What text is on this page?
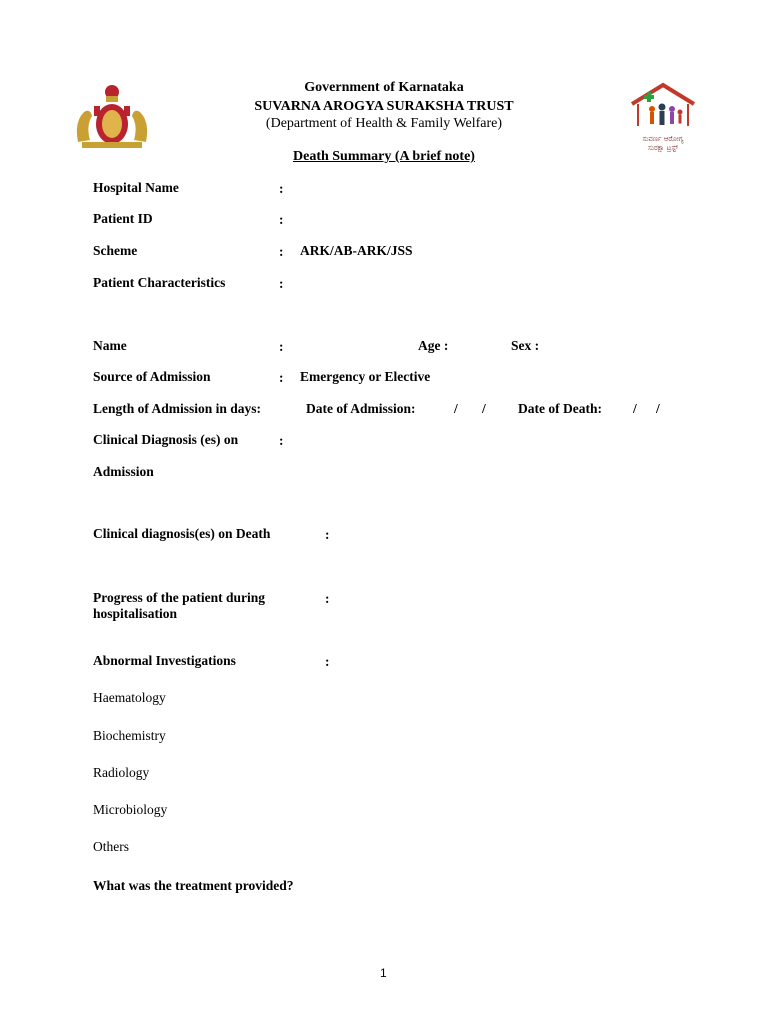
ಸುವರ್ಣ ಆರೋಗ್ಯ
ಸುರಕ್ಷಾ ಟ್ರಸ್ಟ್
Government of Karnataka
SUVARNA AROGYA SURAKSHA TRUST
(Department of Health & Family Welfare)
Death Summary (A brief note)
Hospital Name	:
Patient ID	:
Scheme	: ARK/AB-ARK/JSS
Patient Characteristics	:
Name	:	Age :	Sex :
Source of Admission	: Emergency or Elective
Length of Admission in days:	Date of Admission:	/ / Date of Death: / /
Clinical Diagnosis (es) on	:
Admission
Clinical diagnosis(es) on Death	:
Progress of the patient during	:
hospitalisation
Abnormal Investigations	:
Haematology
Biochemistry
Radiology
Microbiology
Others
What was the treatment provided?
1
